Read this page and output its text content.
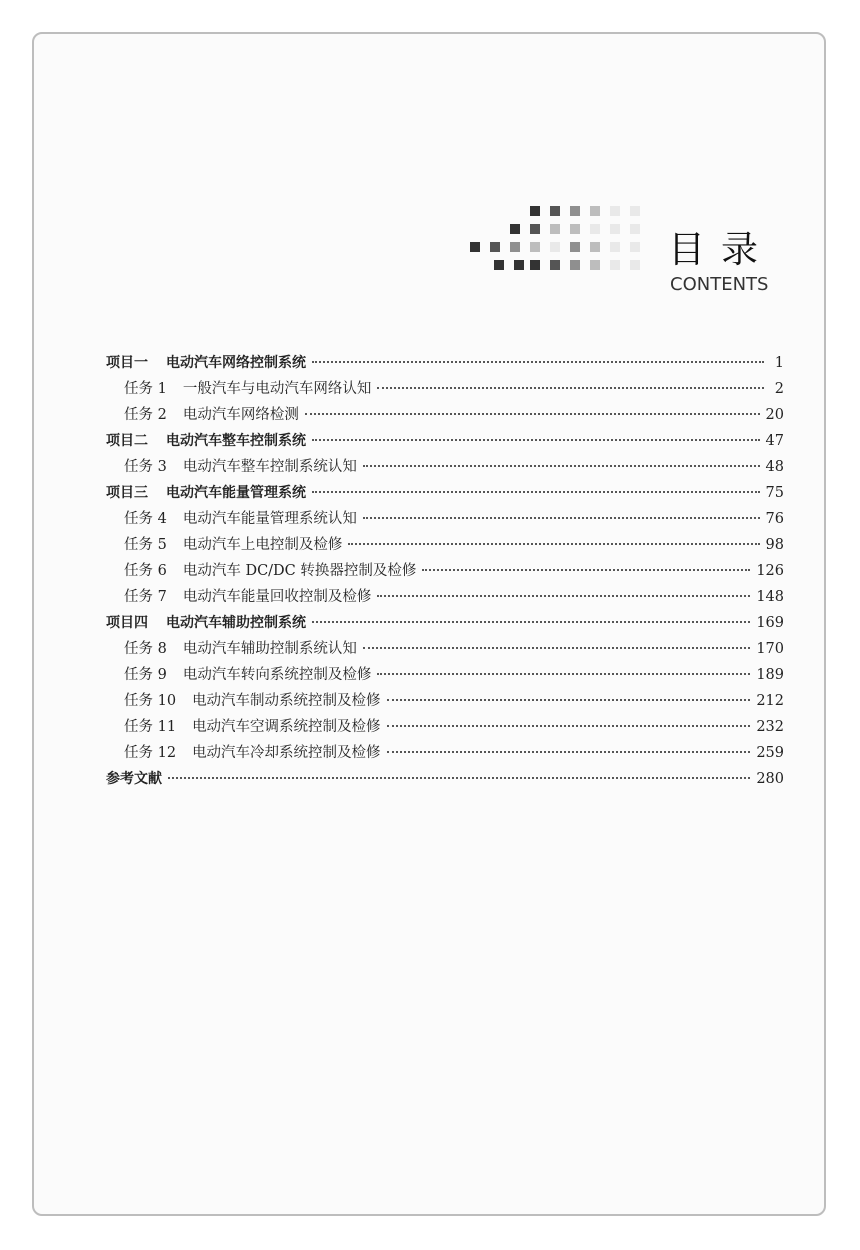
目录
CONTENTS
项目一 电动汽车网络控制系统	1
任务 1 一般汽车与电动汽车网络认知	2
任务 2 电动汽车网络检测	20
项目二 电动汽车整车控制系统	47
任务 3 电动汽车整车控制系统认知	48
项目三 电动汽车能量管理系统	75
任务 4 电动汽车能量管理系统认知	76
任务 5 电动汽车上电控制及检修	98
任务 6 电动汽车 DC/DC 转换器控制及检修	126
任务 7 电动汽车能量回收控制及检修	148
项目四 电动汽车辅助控制系统	169
任务 8 电动汽车辅助控制系统认知	170
任务 9 电动汽车转向系统控制及检修	189
任务 10 电动汽车制动系统控制及检修	212
任务 11 电动汽车空调系统控制及检修	232
任务 12 电动汽车冷却系统控制及检修	259
参考文献	280
